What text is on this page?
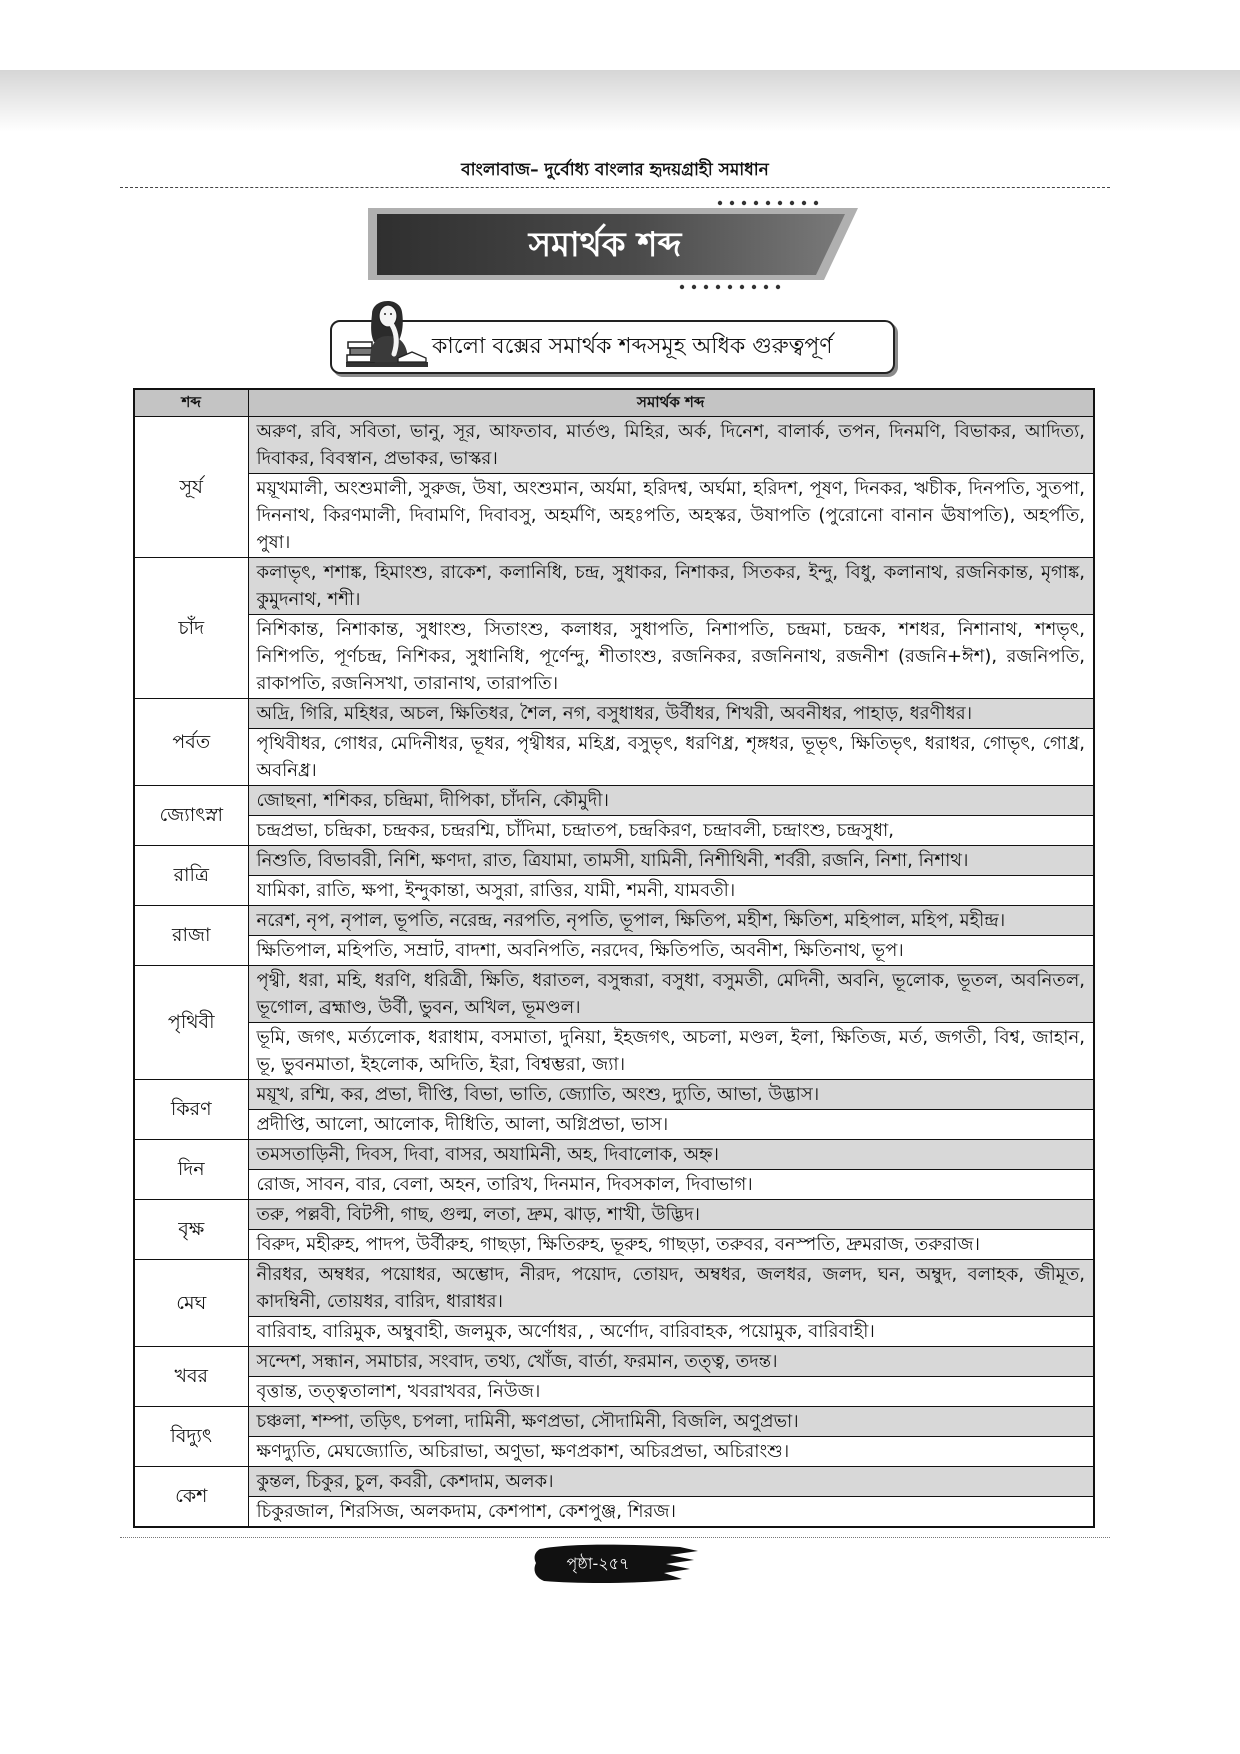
বাংলাবাজ– দুর্বোধ্য বাংলার হৃদয়গ্রাহী সমাধান
সমার্থক শব্দ
কালো বক্সের সমার্থক শব্দসমূহ অধিক গুরুত্বপূর্ণ
শব্দ	সমার্থক শব্দ
সূর্য	অরুণ, রবি, সবিতা, ভানু, সূর, আফতাব, মার্তণ্ড, মিহির, অর্ক, দিনেশ, বালার্ক, তপন, দিনমণি, বিভাকর, আদিত্য, দিবাকর, বিবস্বান, প্রভাকর, ভাস্কর।
	ময়ূখমালী, অংশুমালী, সুরুজ, উষা, অংশুমান, অর্যমা, হরিদশ্ব, অর্ঘমা, হরিদশ, পূষণ, দিনকর, ঋচীক, দিনপতি, সুতপা, দিননাথ, কিরণমালী, দিবামণি, দিবাবসু, অহর্মণি, অহঃপতি, অহস্কর, উষাপতি (পুরোনো বানান ঊষাপতি), অহর্পতি, পুষা।
চাঁদ	কলাভৃৎ, শশাঙ্ক, হিমাংশু, রাকেশ, কলানিধি, চন্দ্র, সুধাকর, নিশাকর, সিতকর, ইন্দু, বিধু, কলানাথ, রজনিকান্ত, মৃগাঙ্ক, কুমুদনাথ, শশী।
	নিশিকান্ত, নিশাকান্ত, সুধাংশু, সিতাংশু, কলাধর, সুধাপতি, নিশাপতি, চন্দ্রমা, চন্দ্রক, শশধর, নিশানাথ, শশভৃৎ, নিশিপতি, পূর্ণচন্দ্র, নিশিকর, সুধানিধি, পূর্ণেন্দু, শীতাংশু, রজনিকর, রজনিনাথ, রজনীশ (রজনি+ঈশ), রজনিপতি, রাকাপতি, রজনিসখা, তারানাথ, তারাপতি।
পর্বত	অদ্রি, গিরি, মহিধর, অচল, ক্ষিতিধর, শৈল, নগ, বসুধাধর, উর্বীধর, শিখরী, অবনীধর, পাহাড়, ধরণীধর।
	পৃথিবীধর, গোধর, মেদিনীধর, ভূধর, পৃথ্বীধর, মহিধ্র, বসুভৃৎ, ধরণিধ্র, শৃঙ্গধর, ভূভৃৎ, ক্ষিতিভৃৎ, ধরাধর, গোভৃৎ, গোধ্র, অবনিধ্র।
জ্যোৎস্না	জোছনা, শশিকর, চন্দ্রিমা, দীপিকা, চাঁদনি, কৌমুদী।
	চন্দ্রপ্রভা, চন্দ্রিকা, চন্দ্রকর, চন্দ্ররশ্মি, চাঁদিমা, চন্দ্রাতপ, চন্দ্রকিরণ, চন্দ্রাবলী, চন্দ্রাংশু, চন্দ্রসুধা,
রাত্রি	নিশুতি, বিভাবরী, নিশি, ক্ষণদা, রাত, ত্রিযামা, তামসী, যামিনী, নিশীথিনী, শর্বরী, রজনি, নিশা, নিশাথ।
	যামিকা, রাতি, ক্ষপা, ইন্দুকান্তা, অসুরা, রাত্তির, যামী, শমনী, যামবতী।
রাজা	নরেশ, নৃপ, নৃপাল, ভূপতি, নরেন্দ্র, নরপতি, নৃপতি, ভূপাল, ক্ষিতিপ, মহীশ, ক্ষিতিশ, মহিপাল, মহিপ, মহীন্দ্র।
	ক্ষিতিপাল, মহিপতি, সম্রাট, বাদশা, অবনিপতি, নরদেব, ক্ষিতিপতি, অবনীশ, ক্ষিতিনাথ, ভূপ।
পৃথিবী	পৃথ্বী, ধরা, মহি, ধরণি, ধরিত্রী, ক্ষিতি, ধরাতল, বসুন্ধরা, বসুধা, বসুমতী, মেদিনী, অবনি, ভূলোক, ভূতল, অবনিতল, ভূগোল, ব্রহ্মাণ্ড, উর্বী, ভুবন, অখিল, ভূমণ্ডল।
	ভূমি, জগৎ, মর্ত্যলোক, ধরাধাম, বসমাতা, দুনিয়া, ইহজগৎ, অচলা, মণ্ডল, ইলা, ক্ষিতিজ, মর্ত, জগতী, বিশ্ব, জাহান, ভূ, ভুবনমাতা, ইহলোক, অদিতি, ইরা, বিশ্বম্ভরা, জ্যা।
কিরণ	ময়ূখ, রশ্মি, কর, প্রভা, দীপ্তি, বিভা, ভাতি, জ্যোতি, অংশু, দ্যুতি, আভা, উদ্ভাস।
	প্রদীপ্তি, আলো, আলোক, দীধিতি, আলা, অগ্নিপ্রভা, ভাস।
দিন	তমসতাড়িনী, দিবস, দিবা, বাসর, অযামিনী, অহ, দিবালোক, অহ্ন।
	রোজ, সাবন, বার, বেলা, অহন, তারিখ, দিনমান, দিবসকাল, দিবাভাগ।
বৃক্ষ	তরু, পল্লবী, বিটপী, গাছ, গুল্ম, লতা, দ্রুম, ঝাড়, শাখী, উদ্ভিদ।
	বিরুদ, মহীরুহ, পাদপ, উর্বীরুহ, গাছড়া, ক্ষিতিরুহ, ভূরুহ, গাছড়া, তরুবর, বনস্পতি, দ্রুমরাজ, তরুরাজ।
মেঘ	নীরধর, অম্বধর, পয়োধর, অম্ভোদ, নীরদ, পয়োদ, তোয়দ, অম্বধর, জলধর, জলদ, ঘন, অম্বুদ, বলাহক, জীমূত, কাদম্বিনী, তোয়ধর, বারিদ, ধারাধর।
	বারিবাহ, বারিমুক, অম্বুবাহী, জলমুক, অর্ণোধর, , অর্ণোদ, বারিবাহক, পয়োমুক, বারিবাহী।
খবর	সন্দেশ, সন্ধান, সমাচার, সংবাদ, তথ্য, খোঁজ, বার্তা, ফরমান, তত্ত্ব, তদন্ত।
	বৃত্তান্ত, তত্ত্বতালাশ, খবরাখবর, নিউজ।
বিদ্যুৎ	চঞ্চলা, শম্পা, তড়িৎ, চপলা, দামিনী, ক্ষণপ্রভা, সৌদামিনী, বিজলি, অণুপ্রভা।
	ক্ষণদ্যুতি, মেঘজ্যোতি, অচিরাভা, অণুভা, ক্ষণপ্রকাশ, অচিরপ্রভা, অচিরাংশু।
কেশ	কুন্তল, চিকুর, চুল, কবরী, কেশদাম, অলক।
	চিকুরজাল, শিরসিজ, অলকদাম, কেশপাশ, কেশপুঞ্জ, শিরজ।
পৃষ্ঠা-২৫৭
